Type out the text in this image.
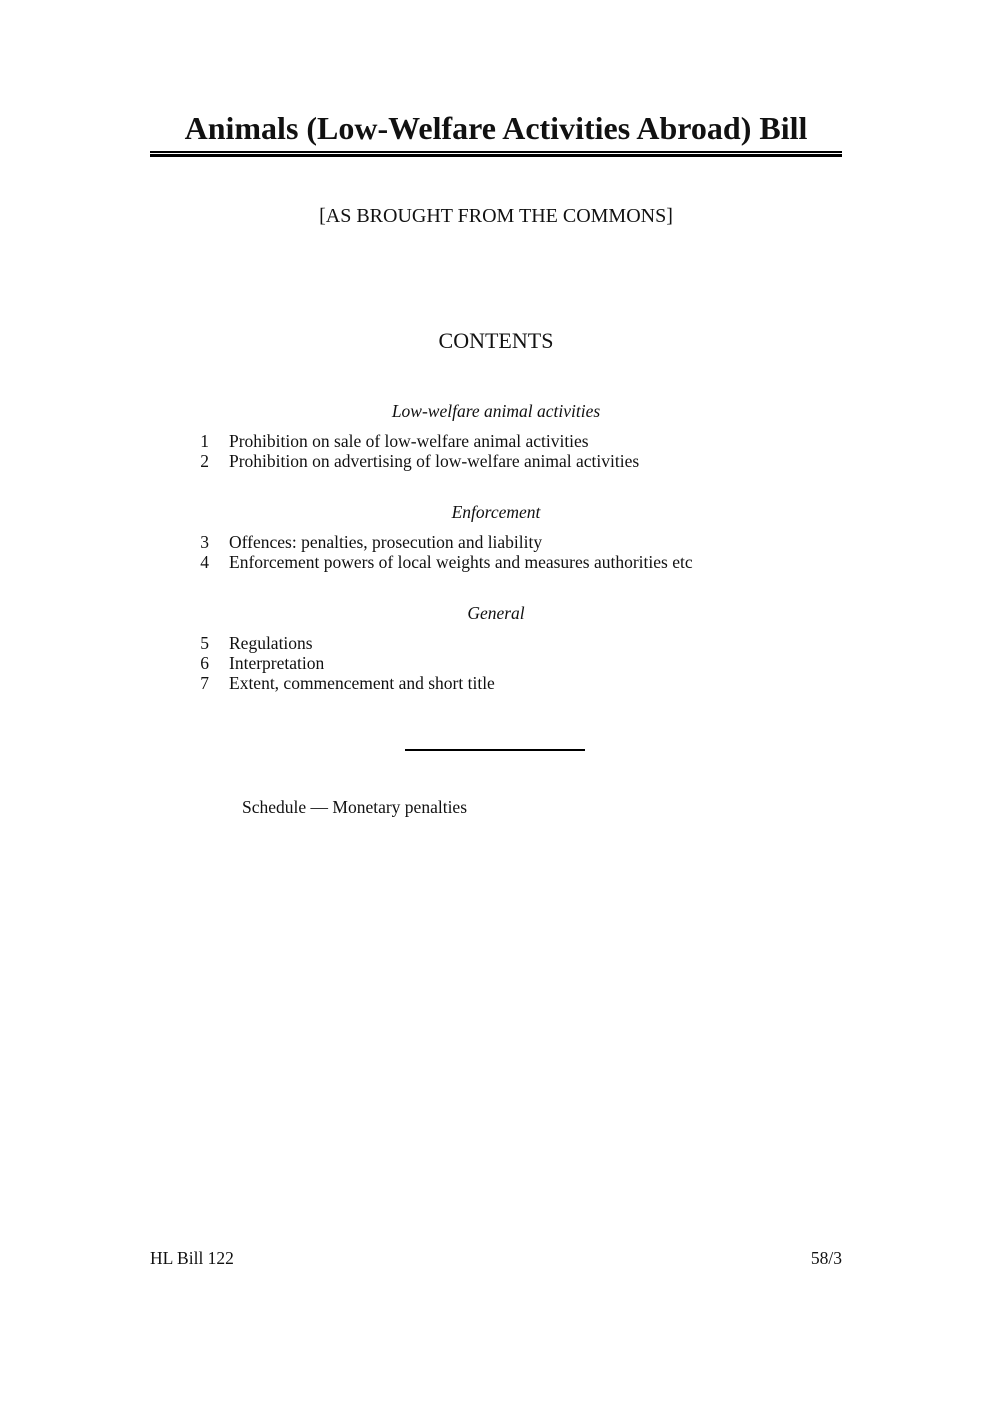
Animals (Low-Welfare Activities Abroad) Bill
[AS BROUGHT FROM THE COMMONS]
CONTENTS
Low-welfare animal activities
1	Prohibition on sale of low-welfare animal activities
2	Prohibition on advertising of low-welfare animal activities
Enforcement
3	Offences: penalties, prosecution and liability
4	Enforcement powers of local weights and measures authorities etc
General
5	Regulations
6	Interpretation
7	Extent, commencement and short title
Schedule — Monetary penalties
HL Bill 122	58/3
